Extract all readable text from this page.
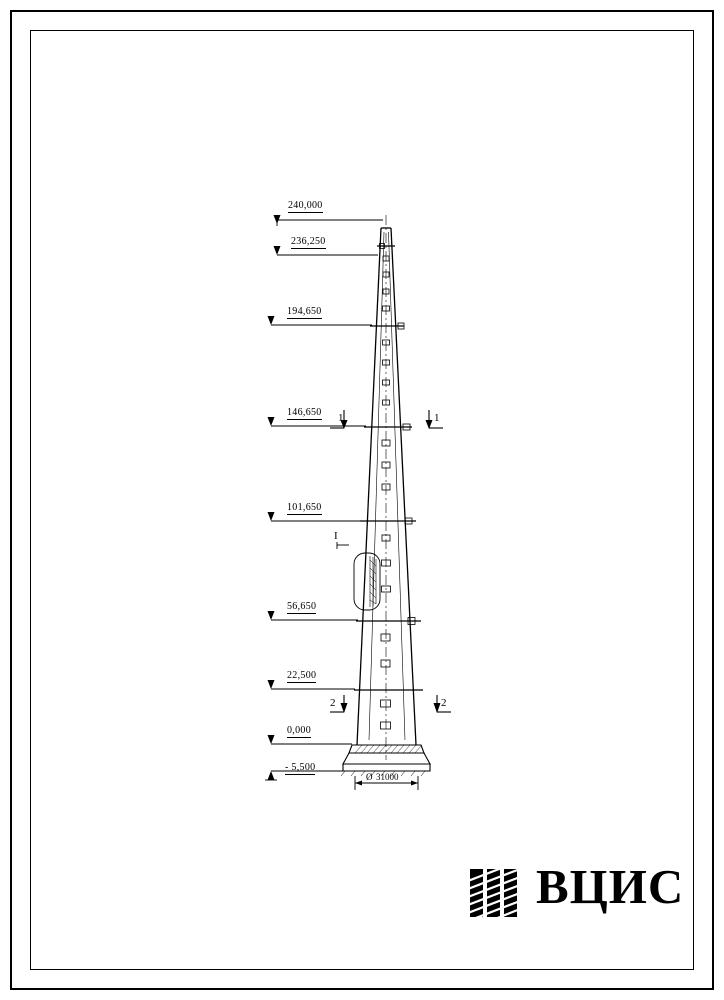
240,000
236,250
194,650
146,650
101,650
56,650
22,500
0,000
- 5,500
1	1
2	2
I
Ø 31000
BЦИC
